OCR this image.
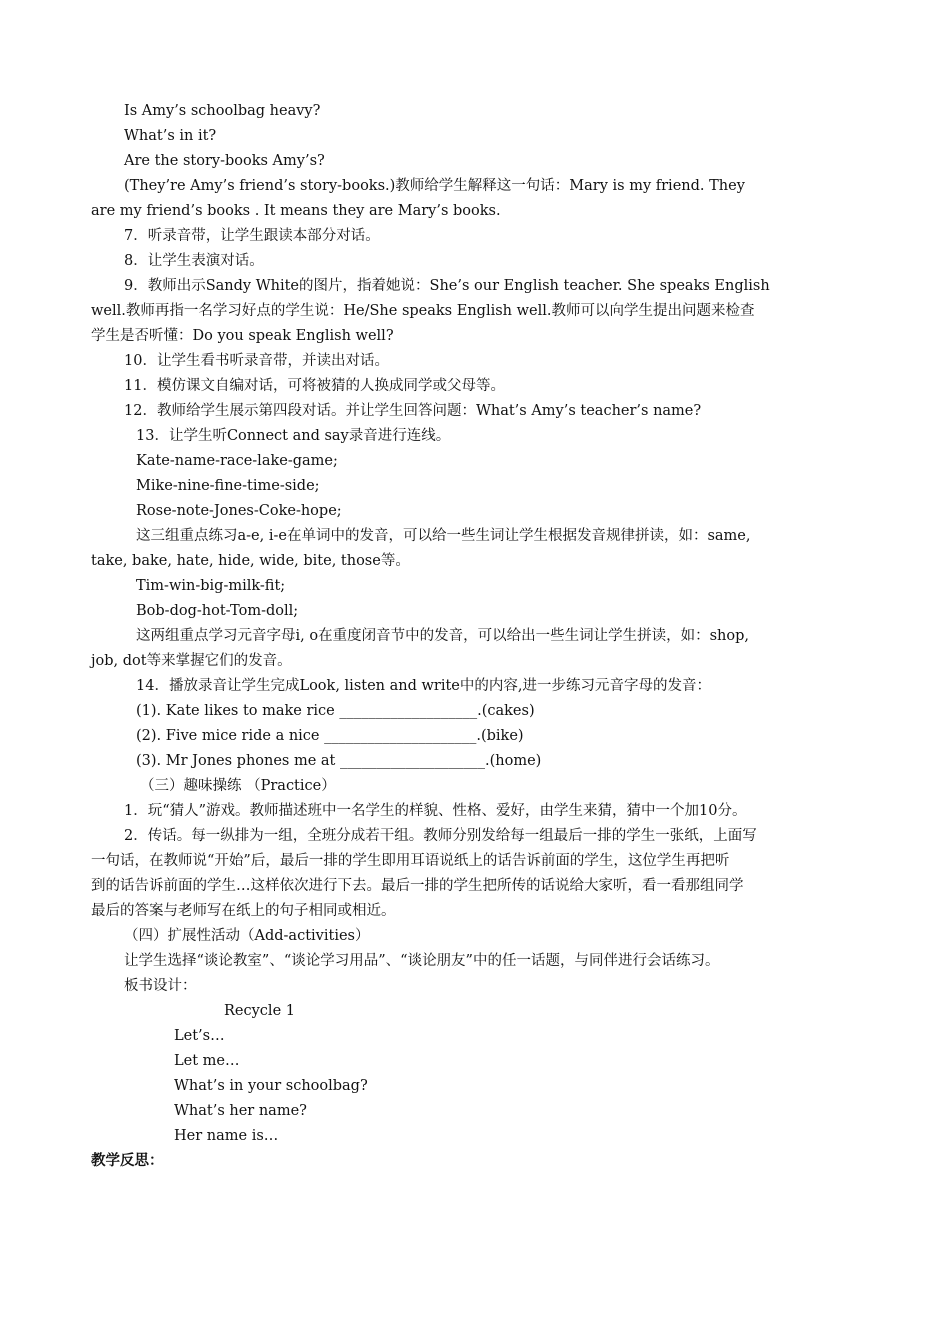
Is Amy’s schoolbag heavy?
What’s in it?
Are the story-books Amy’s?
(They’re Amy’s friend’s story-books.)教师给学生解释这一句话：Mary is my friend. They
are my friend’s books . It means they are Mary’s books.
7．听录音带，让学生跟读本部分对话。
8．让学生表演对话。
9．教师出示Sandy White的图片，指着她说：She’s our English teacher. She speaks English
well.教师再指一名学习好点的学生说：He/She speaks English well.教师可以向学生提出问题来检查
学生是否听懂：Do you speak English well?
10．让学生看书听录音带，并读出对话。
11．模仿课文自编对话，可将被猜的人换成同学或父母等。
12．教师给学生展示第四段对话。并让学生回答问题：What’s Amy’s teacher’s name?
13．让学生听Connect and say录音进行连线。
Kate-name-race-lake-game;
Mike-nine-fine-time-side;
Rose-note-Jones-Coke-hope;
这三组重点练习a-e, i-e在单词中的发音，可以给一些生词让学生根据发音规律拼读，如：same,
take, bake, hate, hide, wide, bite, those等。
Tim-win-big-milk-fit;
Bob-dog-hot-Tom-doll;
这两组重点学习元音字母i, o在重度闭音节中的发音，可以给出一些生词让学生拼读，如：shop,
job, dot等来掌握它们的发音。
14．播放录音让学生完成Look, listen and write中的内容,进一步练习元音字母的发音：
(1). Kate likes to make rice ___________________.(cakes)
(2). Five mice ride a nice _____________________.(bike)
(3). Mr Jones phones me at ____________________.(home)
（三）趣味操练 （Practice）
1．玩“猜人”游戏。教师描述班中一名学生的样貌、性格、爱好，由学生来猜，猜中一个加10分。
2．传话。每一纵排为一组，全班分成若干组。教师分别发给每一组最后一排的学生一张纸，上面写
一句话，在教师说“开始”后，最后一排的学生即用耳语说纸上的话告诉前面的学生，这位学生再把听
到的话告诉前面的学生…这样依次进行下去。最后一排的学生把所传的话说给大家听，看一看那组同学
最后的答案与老师写在纸上的句子相同或相近。
（四）扩展性活动（Add-activities）
让学生选择“谈论教室”、“谈论学习用品”、“谈论朋友”中的任一话题，与同伴进行会话练习。
板书设计：
Recycle 1
Let’s…
Let me…
What’s in your schoolbag?
What’s her name?
Her name is…
教学反思：
